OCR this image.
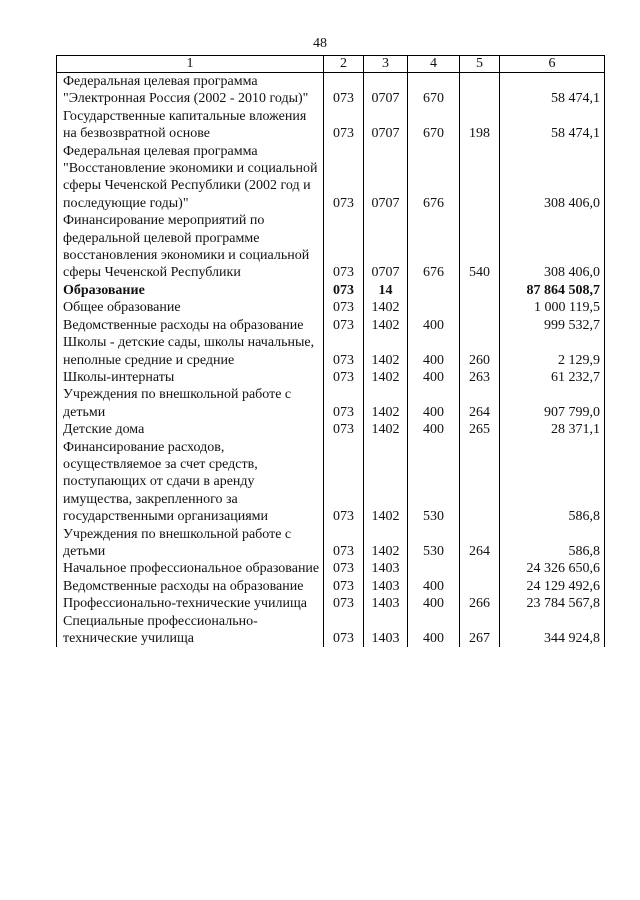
48
1	2	3	4	5	6
Федеральная целевая программа "Электронная Россия (2002 - 2010 годы)"	073	0707	670		58 474,1
Государственные капитальные вложения на безвозвратной основе	073	0707	670	198	58 474,1
Федеральная целевая программа "Восстановление экономики и социальной сферы Чеченской Республики (2002 год и последующие годы)"	073	0707	676		308 406,0
Финансирование мероприятий по федеральной целевой программе восстановления экономики и социальной сферы Чеченской Республики	073	0707	676	540	308 406,0
Образование	073	14			87 864 508,7
Общее образование	073	1402			1 000 119,5
Ведомственные расходы на образование	073	1402	400		999 532,7
Школы - детские сады, школы начальные, неполные средние и средние	073	1402	400	260	2 129,9
Школы-интернаты	073	1402	400	263	61 232,7
Учреждения по внешкольной работе с детьми	073	1402	400	264	907 799,0
Детские дома	073	1402	400	265	28 371,1
Финансирование расходов, осуществляемое за счет средств, поступающих от сдачи в аренду имущества, закрепленного за государственными организациями	073	1402	530		586,8
Учреждения по внешкольной работе с детьми	073	1402	530	264	586,8
Начальное профессиональное образование	073	1403			24 326 650,6
Ведомственные расходы на образование	073	1403	400		24 129 492,6
Профессионально-технические училища	073	1403	400	266	23 784 567,8
Специальные профессионально-технические училища	073	1403	400	267	344 924,8
